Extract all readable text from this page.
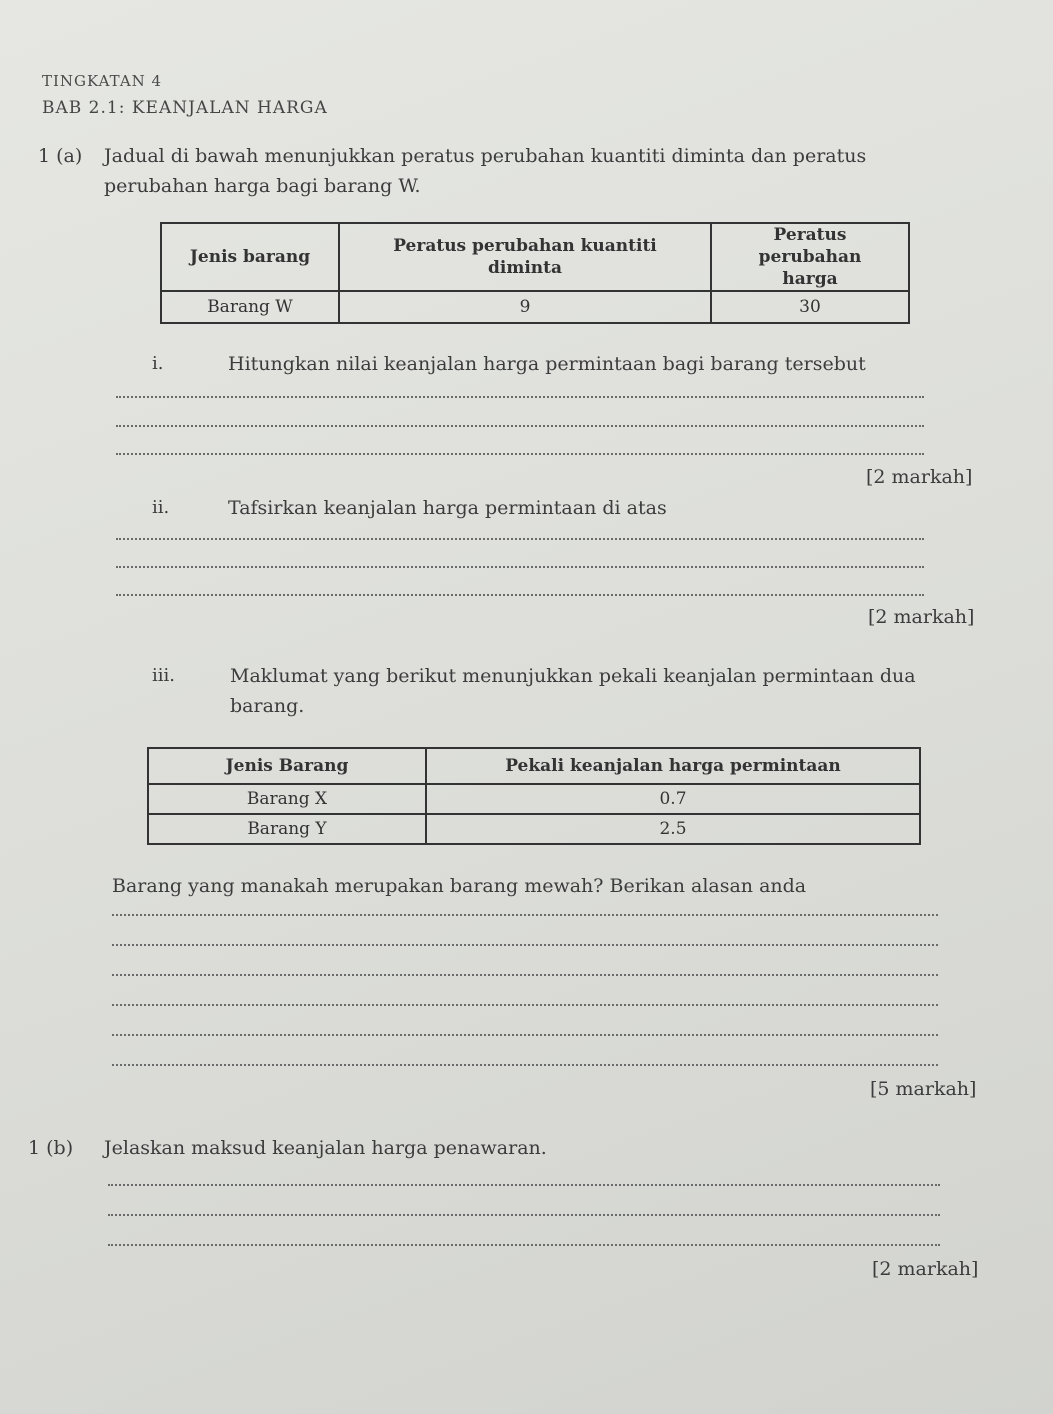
TINGKATAN 4
BAB 2.1: KEANJALAN HARGA
1 (a) Jadual di bawah menunjukkan peratus perubahan kuantiti diminta dan peratus
perubahan harga bagi barang W.
Jenis barang	Peratus perubahan kuantiti diminta	Peratus perubahan harga
Barang W	9	30
i.	Hitungkan nilai keanjalan harga permintaan bagi barang tersebut
[2 markah]
ii.	Tafsirkan keanjalan harga permintaan di atas
[2 markah]
iii.	Maklumat yang berikut menunjukkan pekali keanjalan permintaan dua
barang.
Jenis Barang	Pekali keanjalan harga permintaan
Barang X	0.7
Barang Y	2.5
Barang yang manakah merupakan barang mewah? Berikan alasan anda
[5 markah]
1 (b) Jelaskan maksud keanjalan harga penawaran.
[2 markah]
